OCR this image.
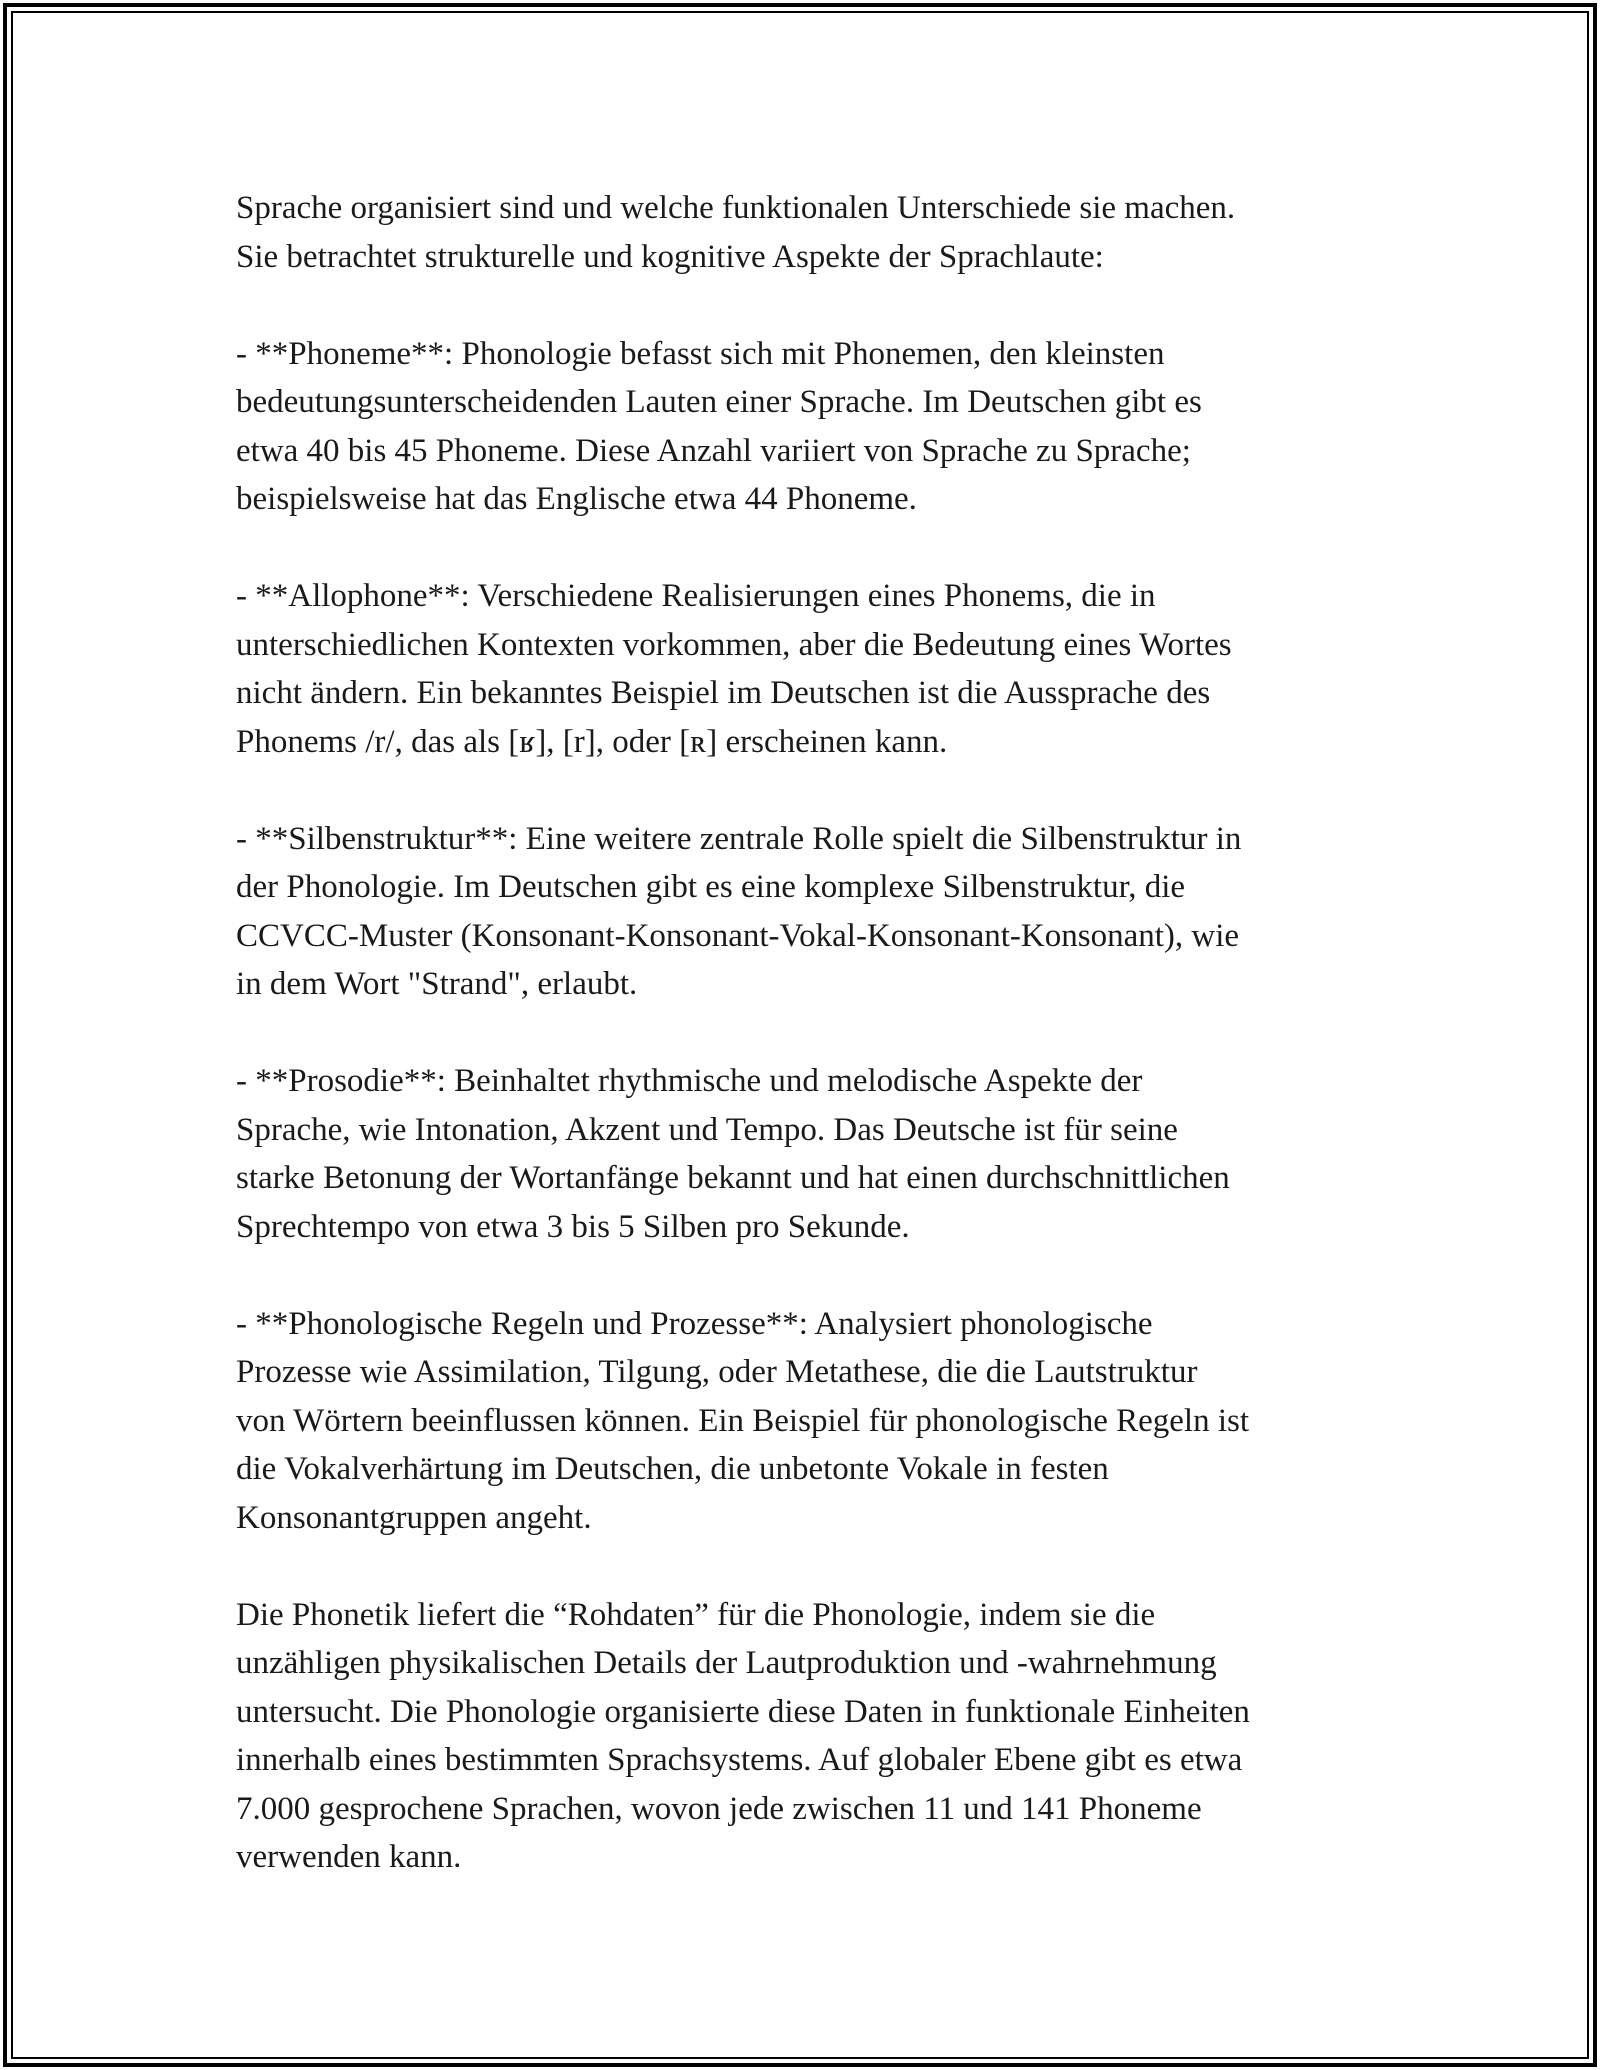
Sprache organisiert sind und welche funktionalen Unterschiede sie machen.
Sie betrachtet strukturelle und kognitive Aspekte der Sprachlaute:
- **Phoneme**: Phonologie befasst sich mit Phonemen, den kleinsten
bedeutungsunterscheidenden Lauten einer Sprache. Im Deutschen gibt es
etwa 40 bis 45 Phoneme. Diese Anzahl variiert von Sprache zu Sprache;
beispielsweise hat das Englische etwa 44 Phoneme.
- **Allophone**: Verschiedene Realisierungen eines Phonems, die in
unterschiedlichen Kontexten vorkommen, aber die Bedeutung eines Wortes
nicht ändern. Ein bekanntes Beispiel im Deutschen ist die Aussprache des
Phonems /r/, das als [ʁ], [r], oder [ʀ] erscheinen kann.
- **Silbenstruktur**: Eine weitere zentrale Rolle spielt die Silbenstruktur in
der Phonologie. Im Deutschen gibt es eine komplexe Silbenstruktur, die
CCVCC-Muster (Konsonant-Konsonant-Vokal-Konsonant-Konsonant), wie
in dem Wort "Strand", erlaubt.
- **Prosodie**: Beinhaltet rhythmische und melodische Aspekte der
Sprache, wie Intonation, Akzent und Tempo. Das Deutsche ist für seine
starke Betonung der Wortanfänge bekannt und hat einen durchschnittlichen
Sprechtempo von etwa 3 bis 5 Silben pro Sekunde.
- **Phonologische Regeln und Prozesse**: Analysiert phonologische
Prozesse wie Assimilation, Tilgung, oder Metathese, die die Lautstruktur
von Wörtern beeinflussen können. Ein Beispiel für phonologische Regeln ist
die Vokalverhärtung im Deutschen, die unbetonte Vokale in festen
Konsonantgruppen angeht.
Die Phonetik liefert die “Rohdaten” für die Phonologie, indem sie die
unzähligen physikalischen Details der Lautproduktion und -wahrnehmung
untersucht. Die Phonologie organisierte diese Daten in funktionale Einheiten
innerhalb eines bestimmten Sprachsystems. Auf globaler Ebene gibt es etwa
7.000 gesprochene Sprachen, wovon jede zwischen 11 und 141 Phoneme
verwenden kann.
